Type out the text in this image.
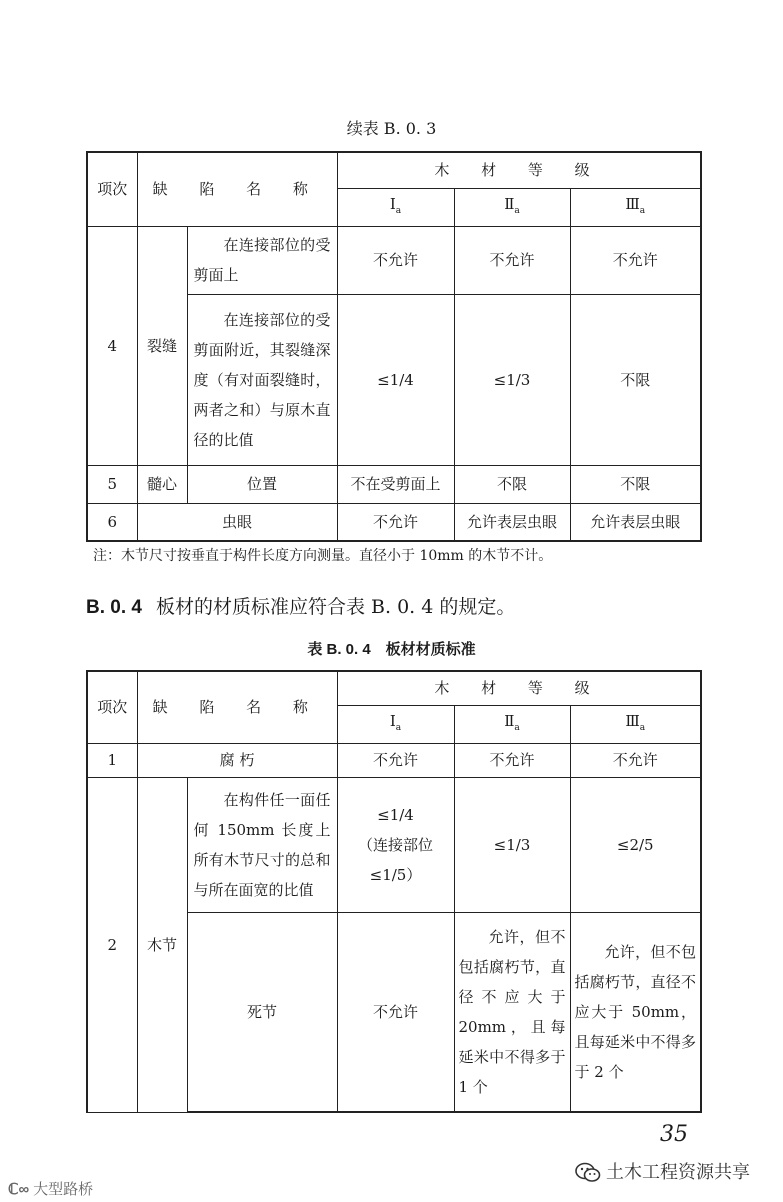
续表 B. 0. 3
项次	缺 陷 名 称		木 材 等 级		
			$Ⅰ_a$	$Ⅱ_a$	$Ⅲ_a$
4	裂缝	在连接部位的受剪面上	不允许	不允许	不允许
		在连接部位的受剪面附近，其裂缝深度（有对面裂缝时，两者之和）与原木直径的比值	≤1/4	≤1/3	不限
5	髓心	位置	不在受剪面上	不限	不限
6	虫眼		不允许	允许表层虫眼	允许表层虫眼
注：木节尺寸按垂直于构件长度方向测量。直径小于 10mm 的木节不计。
B. 0. 4 板材的材质标准应符合表 B. 0. 4 的规定。
表 B. 0. 4　板材材质标准
项次	缺 陷 名 称		木 材 等 级		
			$Ⅰ_a$	$Ⅱ_a$	$Ⅲ_a$
1	腐 朽		不允许	不允许	不允许
2	木节	在构件任一面任何 150mm 长度上所有木节尺寸的总和与所在面宽的比值	≤1/4
（连接部位
≤1/5）	≤1/3	≤2/5
		死节	不允许	允许，但不包括腐朽节，直径不应大于 20mm，且每延米中不得多于 1 个	允许，但不包括腐朽节，直径不应大于 50mm，且每延米中不得多于 2 个
35
ℂ∞ 大型路桥
土木工程资源共享
